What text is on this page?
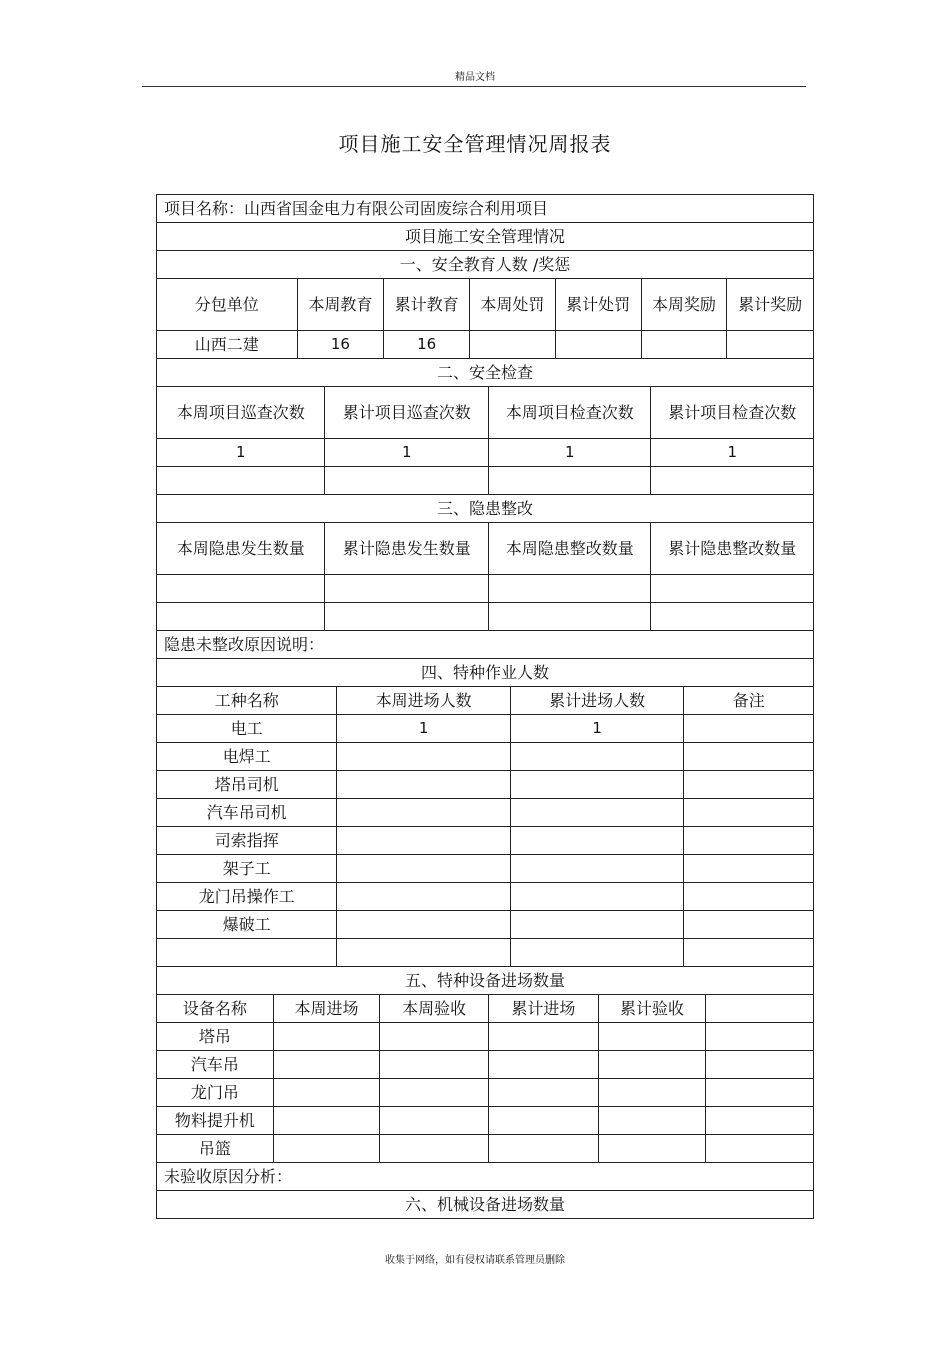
精品文档
项目施工安全管理情况周报表
项目名称：山西省国金电力有限公司固废综合利用项目
项目施工安全管理情况
一、安全教育人数 /奖惩
分包单位	本周教育	累计教育	本周处罚	累计处罚	本周奖励	累计奖励
山西二建	16	16
二、安全检查
本周项目巡查次数	累计项目巡查次数	本周项目检查次数	累计项目检查次数
1	1	1	1
三、隐患整改
本周隐患发生数量	累计隐患发生数量	本周隐患整改数量	累计隐患整改数量
隐患未整改原因说明：
四、特种作业人数
工种名称	本周进场人数	累计进场人数	备注
电工	1	1
电焊工
塔吊司机
汽车吊司机
司索指挥
架子工
龙门吊操作工
爆破工
五、特种设备进场数量
设备名称	本周进场	本周验收	累计进场	累计验收
塔吊
汽车吊
龙门吊
物料提升机
吊篮
未验收原因分析：
六、机械设备进场数量
收集于网络，如有侵权请联系管理员删除
